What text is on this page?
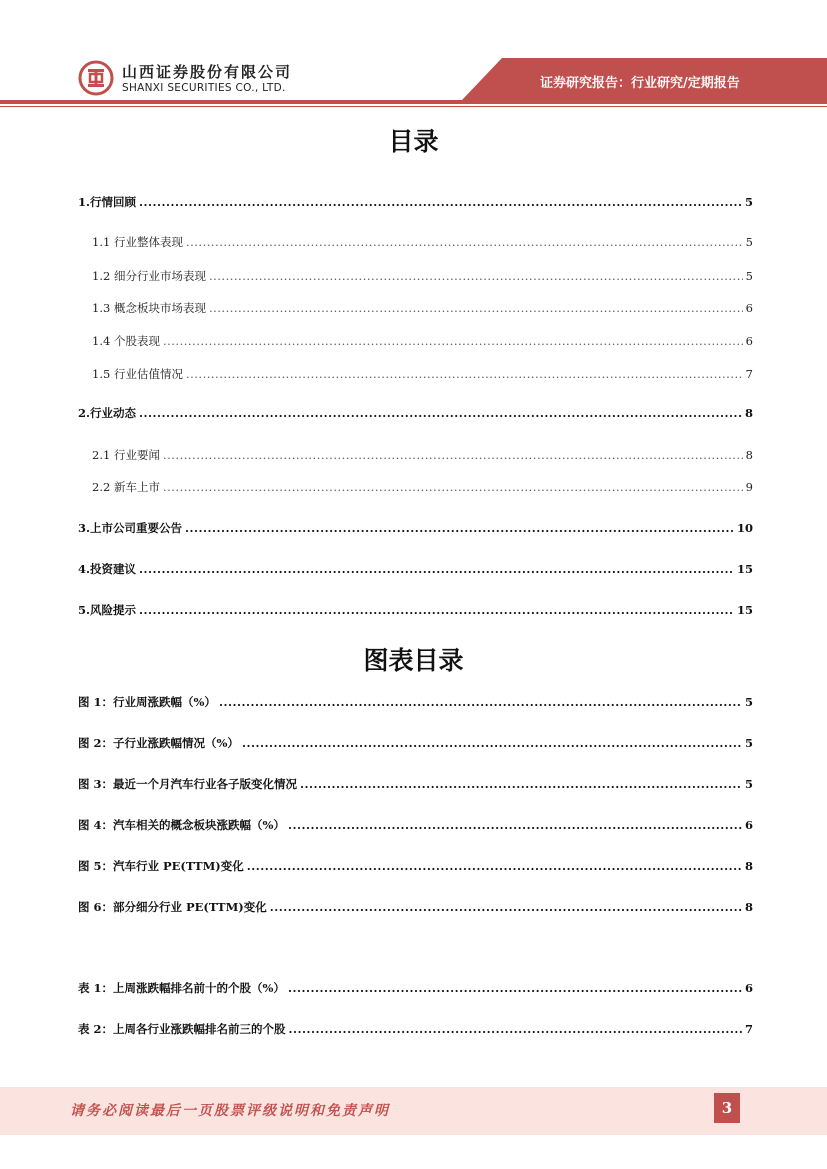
山西证券股份有限公司
SHANXI SECURITIES CO., LTD.	证券研究报告：行业研究/定期报告
目录
1.行情回顾 .....	5
1.1 行业整体表现 .....	5
1.2 细分行业市场表现 .....	5
1.3 概念板块市场表现 .....	6
1.4 个股表现 .....	6
1.5 行业估值情况 .....	7
2.行业动态 .....	8
2.1 行业要闻 .....	8
2.2 新车上市 .....	9
3.上市公司重要公告 .....	10
4.投资建议 .....	15
5.风险提示 .....	15
图表目录
图 1：行业周涨跌幅（%） .....	5
图 2：子行业涨跌幅情况（%） .....	5
图 3：最近一个月汽车行业各子版变化情况 .....	5
图 4：汽车相关的概念板块涨跌幅（%） .....	6
图 5：汽车行业 PE(TTM)变化 .....	8
图 6：部分细分行业 PE(TTM)变化 .....	8
表 1：上周涨跌幅排名前十的个股（%） .....	6
表 2：上周各行业涨跌幅排名前三的个股 .....	7
请务必阅读最后一页股票评级说明和免责声明	3
